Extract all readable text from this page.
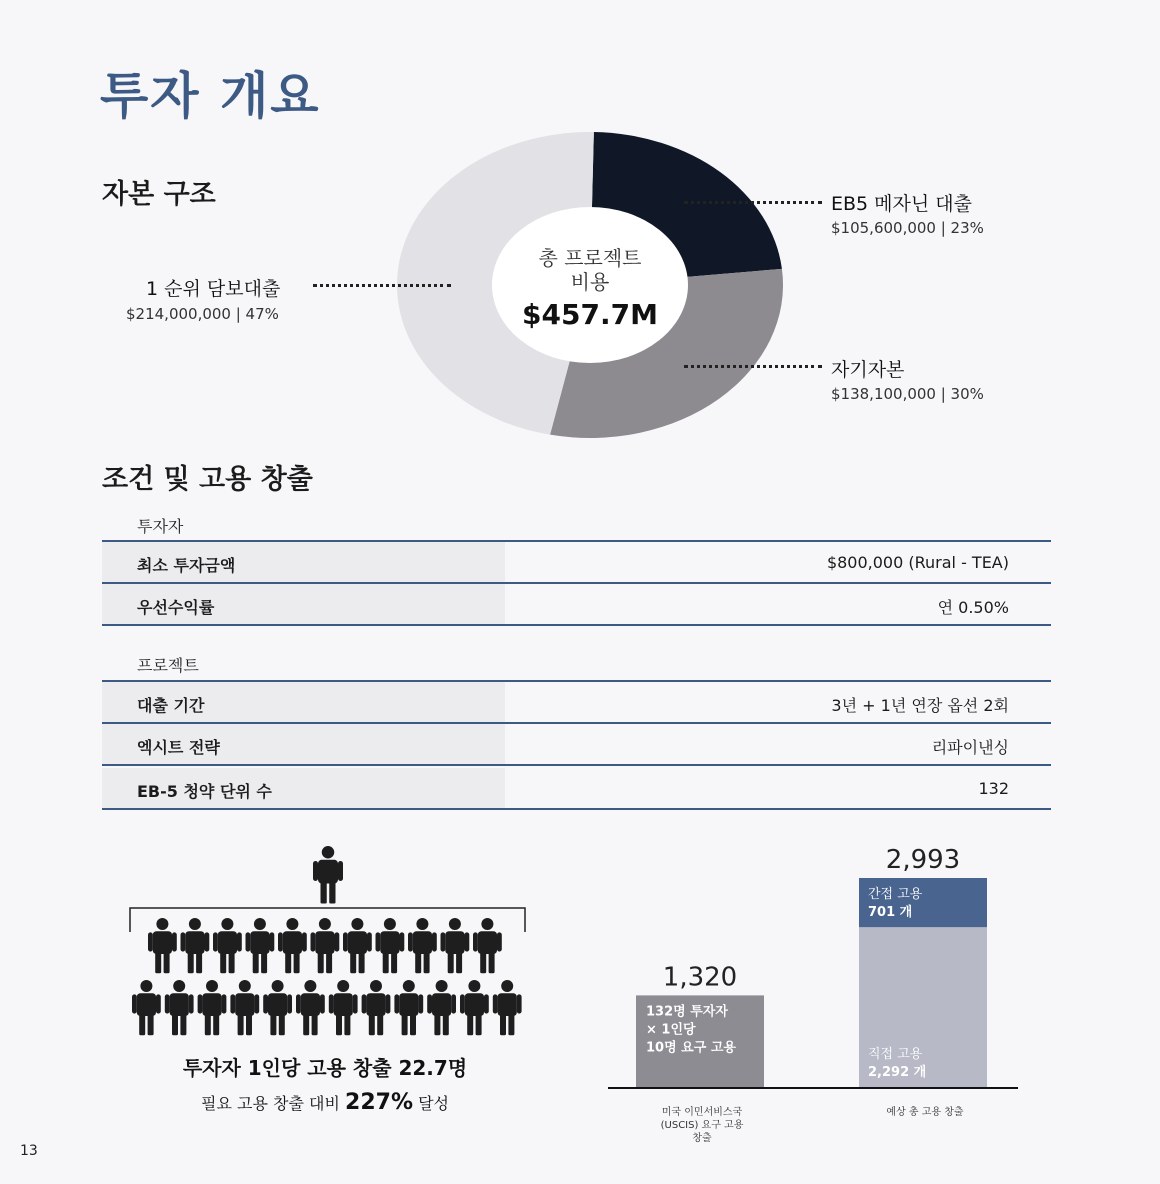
투자 개요
자본 구조
총 프로젝트
비용
$457.7M
EB5 메자닌 대출
$105,600,000 | 23%
자기자본
$138,100,000 | 30%
1 순위 담보대출
$214,000,000 | 47%
조건 및 고용 창출
투자자
최소 투자금액	$800,000 (Rural - TEA)
우선수익률	연 0.50%
프로젝트
대출 기간	3년 + 1년 연장 옵션 2회
엑시트 전략	리파이낸싱
EB-5 청약 단위 수	132
투자자 1인당 고용 창출 22.7명
필요 고용 창출 대비 227% 달성
1,320
2,993
132명 투자자
× 1인당
10명 요구 고용
간접 고용
701 개
직접 고용
2,292 개
미국 이민서비스국
(USCIS) 요구 고용
창출
예상 총 고용 창출
13
